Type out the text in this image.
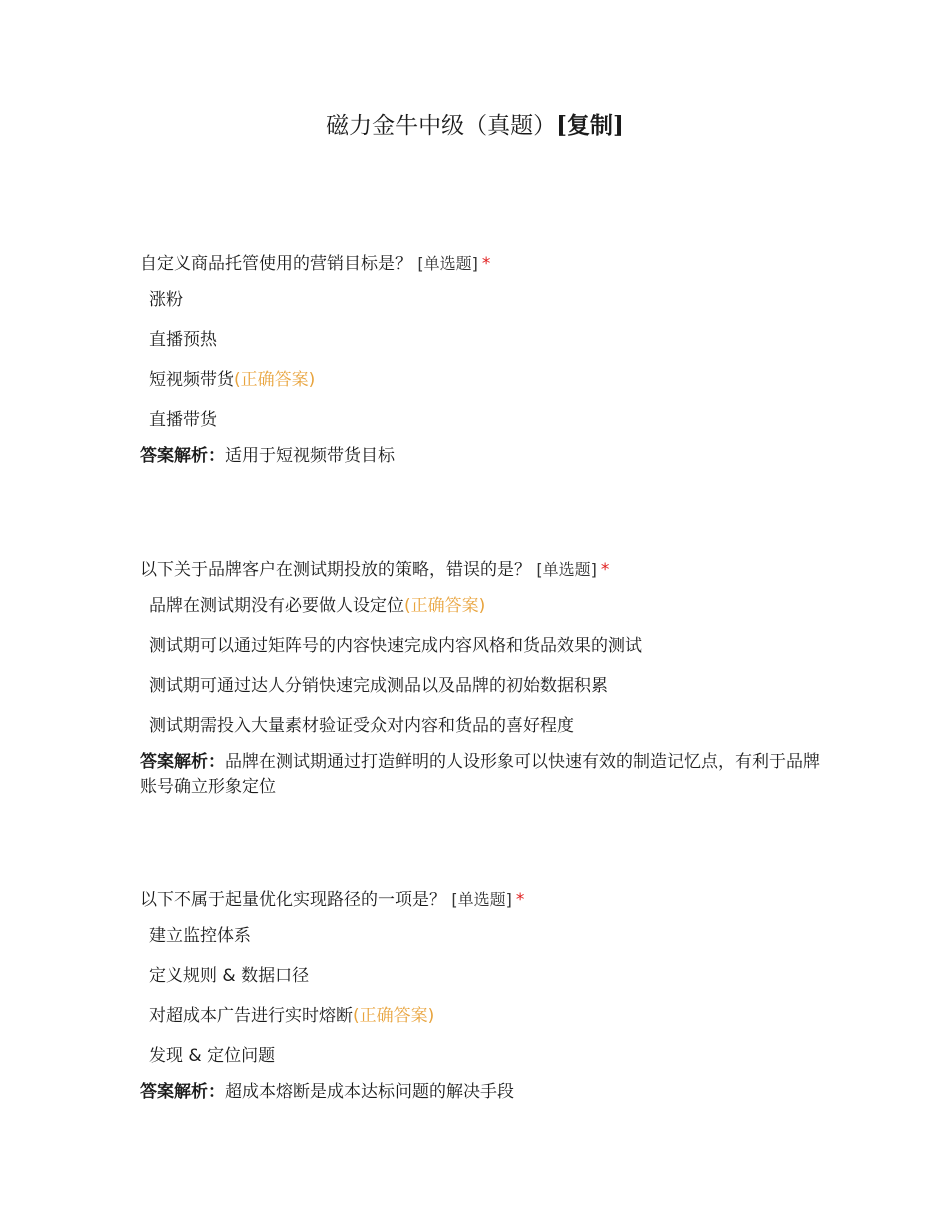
磁力金牛中级（真题）[复制]
自定义商品托管使用的营销目标是？ [单选题] *
涨粉
直播预热
短视频带货(正确答案)
直播带货
答案解析：适用于短视频带货目标
以下关于品牌客户在测试期投放的策略，错误的是？ [单选题] *
品牌在测试期没有必要做人设定位(正确答案)
测试期可以通过矩阵号的内容快速完成内容风格和货品效果的测试
测试期可通过达人分销快速完成测品以及品牌的初始数据积累
测试期需投入大量素材验证受众对内容和货品的喜好程度
答案解析：品牌在测试期通过打造鲜明的人设形象可以快速有效的制造记忆点，有利于品牌账号确立形象定位
以下不属于起量优化实现路径的一项是？ [单选题] *
建立监控体系
定义规则 & 数据口径
对超成本广告进行实时熔断(正确答案)
发现 & 定位问题
答案解析：超成本熔断是成本达标问题的解决手段
